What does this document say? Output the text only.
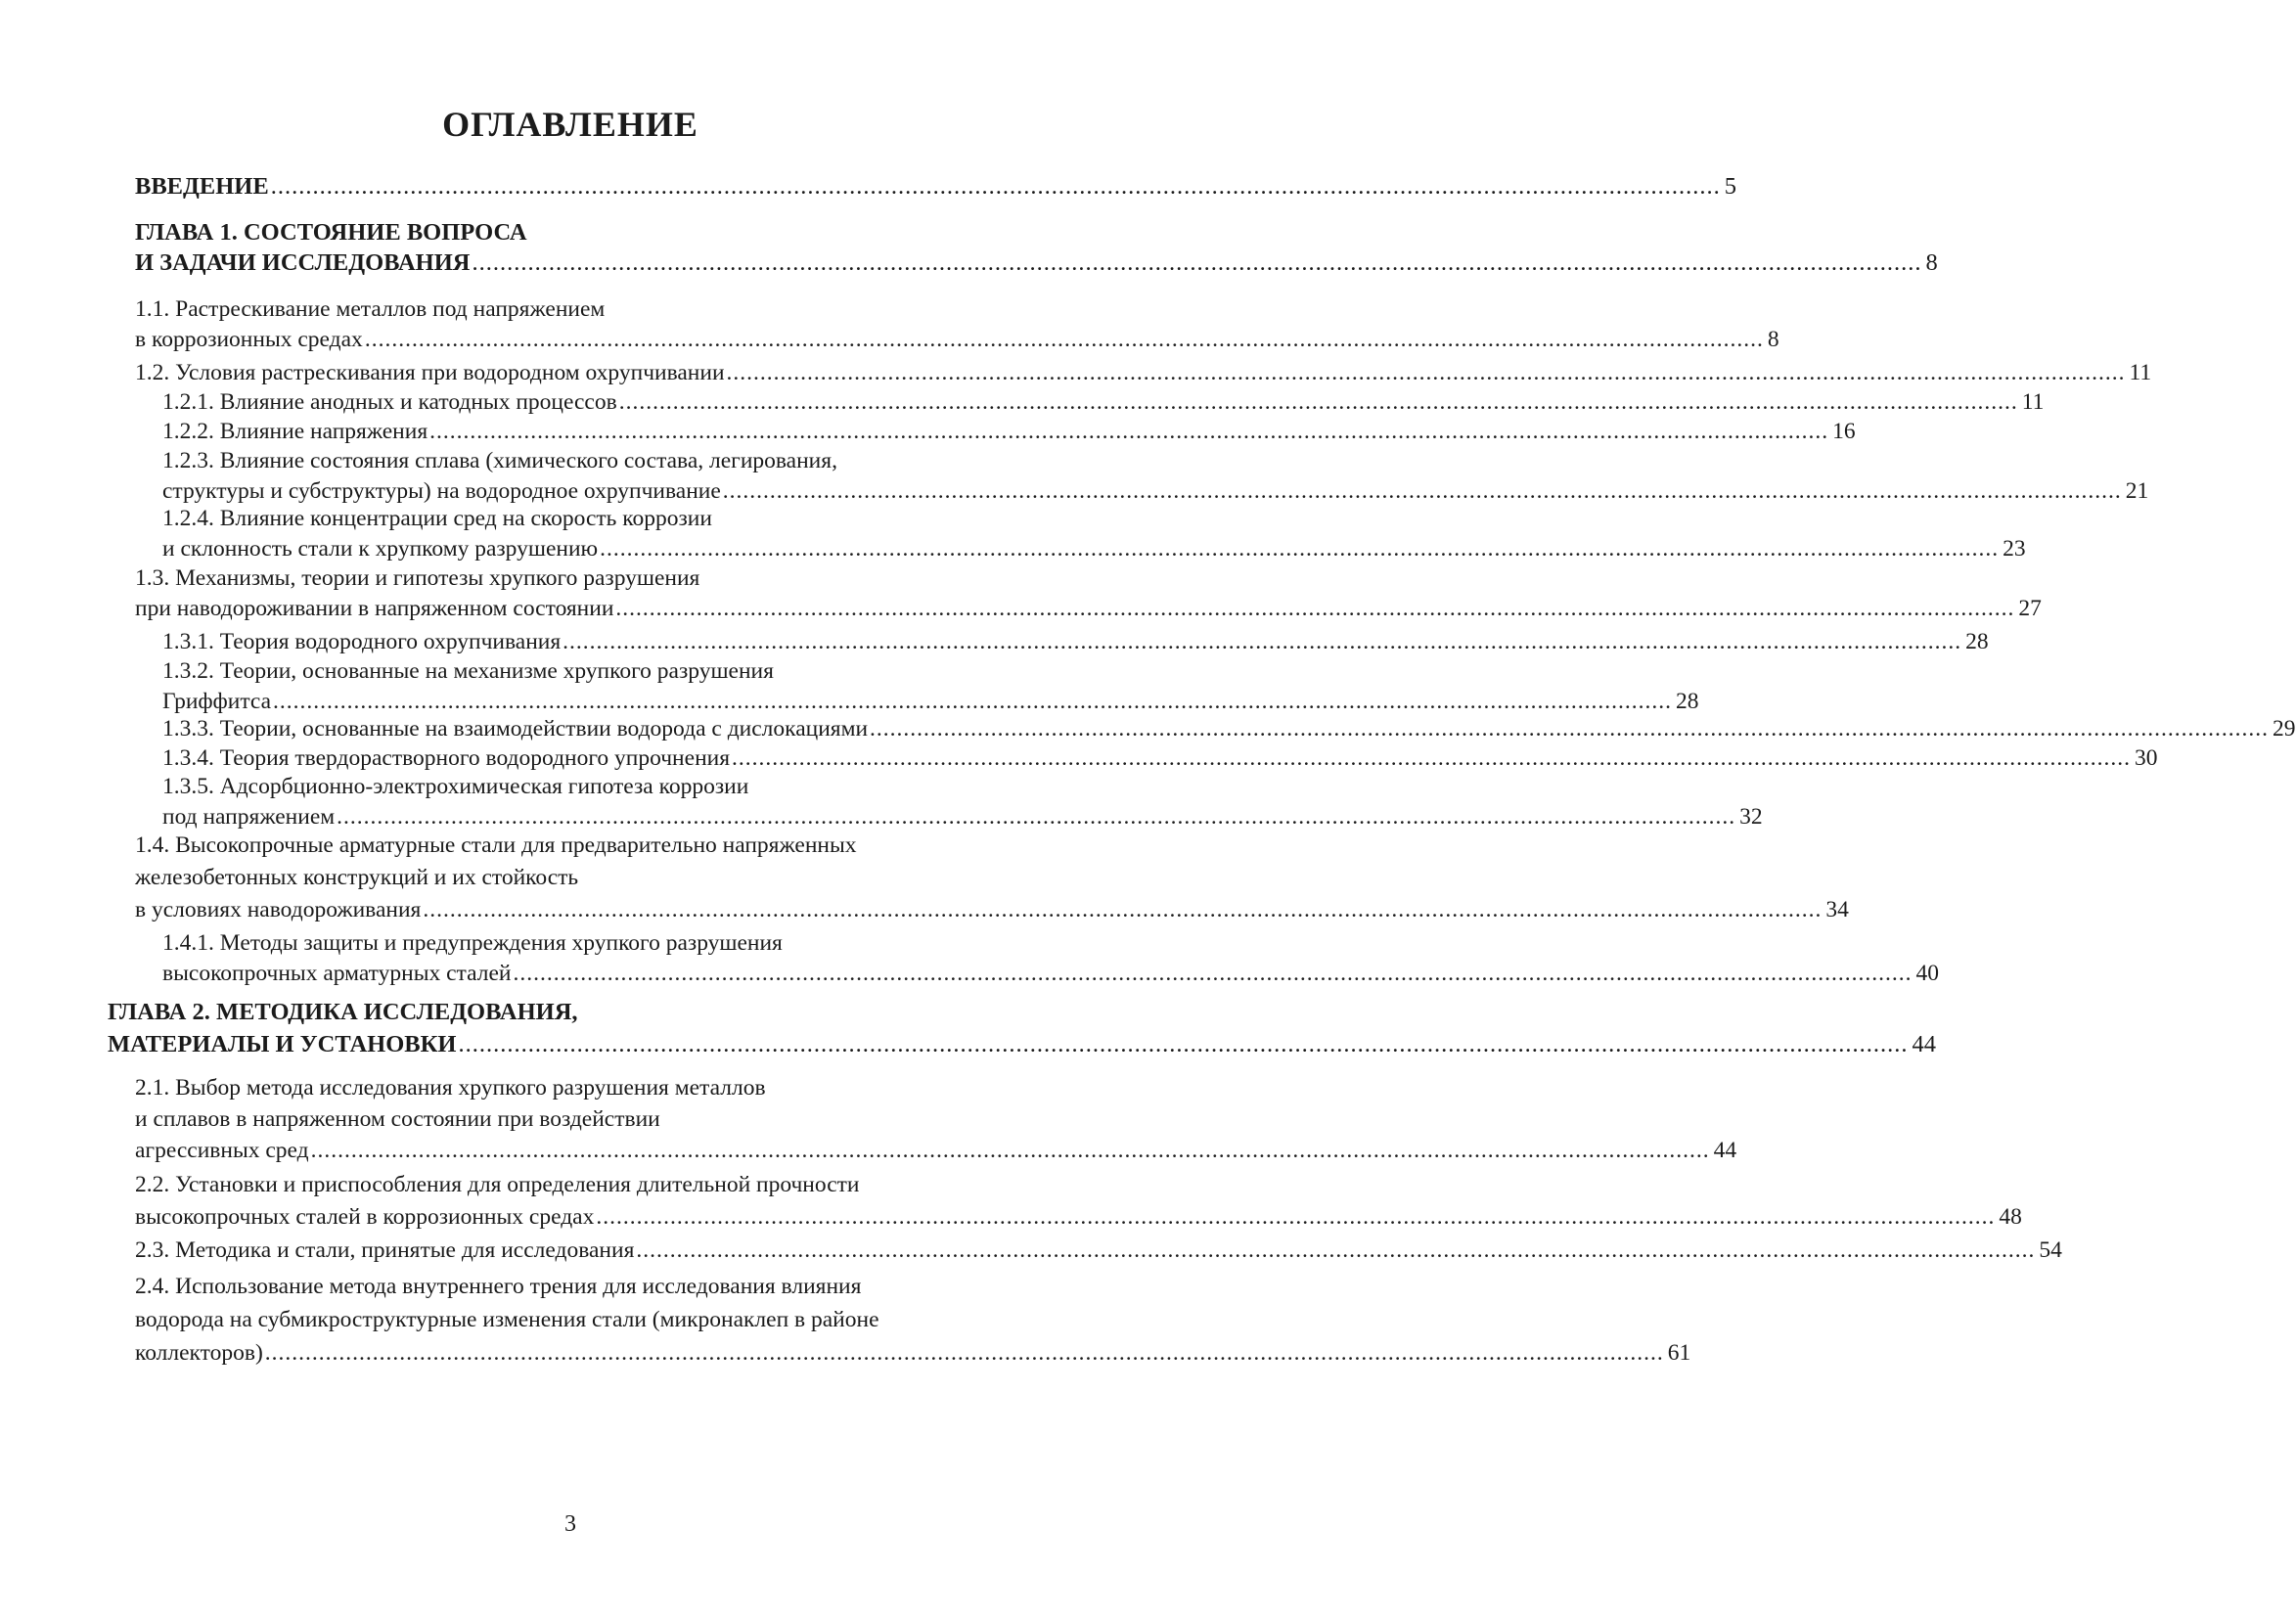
ОГЛАВЛЕНИЕ
ВВЕДЕНИЕ .....	5
ГЛАВА 1. СОСТОЯНИЕ ВОПРОСА
И ЗАДАЧИ ИССЛЕДОВАНИЯ .....	8
1.1. Растрескивание металлов под напряжением
в коррозионных средах .....	8
1.2. Условия растрескивания при водородном охрупчивании .....	11
1.2.1. Влияние анодных и катодных процессов .....	11
1.2.2. Влияние напряжения .....	16
1.2.3. Влияние состояния сплава (химического состава, легирования,
структуры и субструктуры) на водородное охрупчивание .....	21
1.2.4. Влияние концентрации сред на скорость коррозии
и склонность стали к хрупкому разрушению .....	23
1.3. Механизмы, теории и гипотезы хрупкого разрушения
при наводороживании в напряженном состоянии .....	27
1.3.1. Теория водородного охрупчивания .....	28
1.3.2. Теории, основанные на механизме хрупкого разрушения
Гриффитса .....	28
1.3.3. Теории, основанные на взаимодействии водорода с дислокациями .....	29
1.3.4. Теория твердорастворного водородного упрочнения .....	30
1.3.5. Адсорбционно-электрохимическая гипотеза коррозии
под напряжением .....	32
1.4. Высокопрочные арматурные стали для предварительно напряженных
железобетонных конструкций и их стойкость
в условиях наводороживания .....	34
1.4.1. Методы защиты и предупреждения хрупкого разрушения
высокопрочных арматурных сталей .....	40
ГЛАВА 2. МЕТОДИКА ИССЛЕДОВАНИЯ,
МАТЕРИАЛЫ И УСТАНОВКИ .....	44
2.1. Выбор метода исследования хрупкого разрушения металлов
и сплавов в напряженном состоянии при воздействии
агрессивных сред .....	44
2.2. Установки и приспособления для определения длительной прочности
высокопрочных сталей в коррозионных средах .....	48
2.3. Методика и стали, принятые для исследования .....	54
2.4. Использование метода внутреннего трения для исследования влияния
водорода на субмикроструктурные изменения стали (микронаклеп в районе
коллекторов) .....	61
3
